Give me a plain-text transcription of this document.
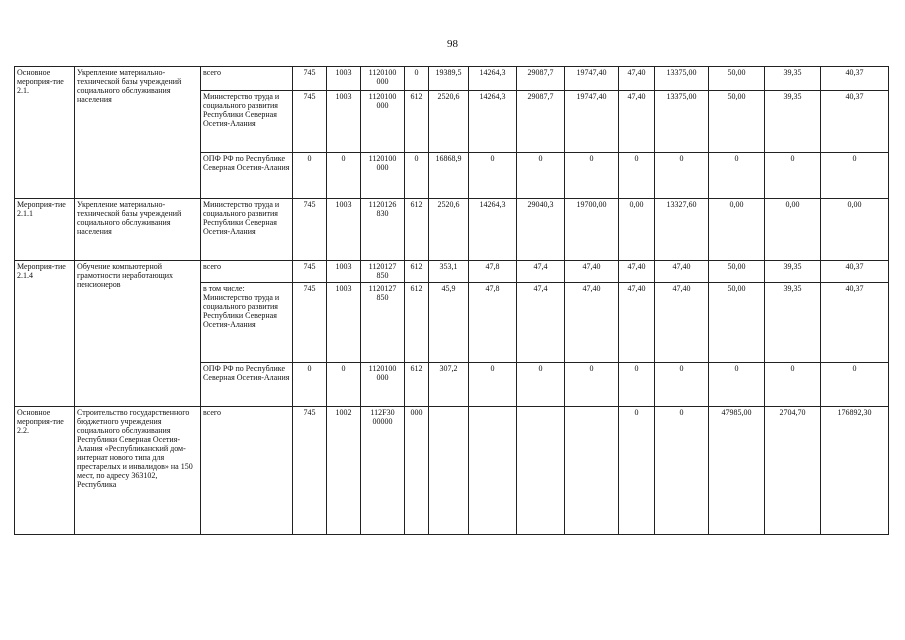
98
Основное мероприя-тие 2.1.	Укрепление материально-технической базы учреждений социального обслуживания населения	всего	745	1003	1120100 000	0	19389,5	14264,3	29087,7	19747,40	47,40	13375,00	50,00	39,35	40,37
		Министерство труда и социального развития Республики Северная Осетия-Алания	745	1003	1120100 000	612	2520,6	14264,3	29087,7	19747,40	47,40	13375,00	50,00	39,35	40,37
		ОПФ РФ по Республике Северная Осетия-Алания	0	0	1120100 000	0	16868,9	0	0	0	0	0	0	0	0
Мероприя-тие 2.1.1	Укрепление материально-технической базы учреждений социального обслуживания населения	Министерство труда и социального развития Республики Северная Осетия-Алания	745	1003	1120126 830	612	2520,6	14264,3	29040,3	19700,00	0,00	13327,60	0,00	0,00	0,00
Мероприя-тие 2.1.4	Обучение компьютерной грамотности неработающих пенсионеров	всего	745	1003	1120127 850	612	353,1	47,8	47,4	47,40	47,40	47,40	50,00	39,35	40,37
		в том числе: Министерство труда и социального развития Республики Северная Осетия-Алания	745	1003	1120127 850	612	45,9	47,8	47,4	47,40	47,40	47,40	50,00	39,35	40,37
		ОПФ РФ по Республике Северная Осетия-Алания	0	0	1120100 000	612	307,2	0	0	0	0	0	0	0	0
Основное мероприя-тие 2.2.	Строительство государственного бюджетного учреждения социального обслуживания Республики Северная Осетия-Алания «Республиканский дом-интернат нового типа для престарелых и инвалидов» на 150 мест, по адресу 363102, Республика	всего	745	1002	112F30 00000	000					0	0	47985,00	2704,70	176892,30
